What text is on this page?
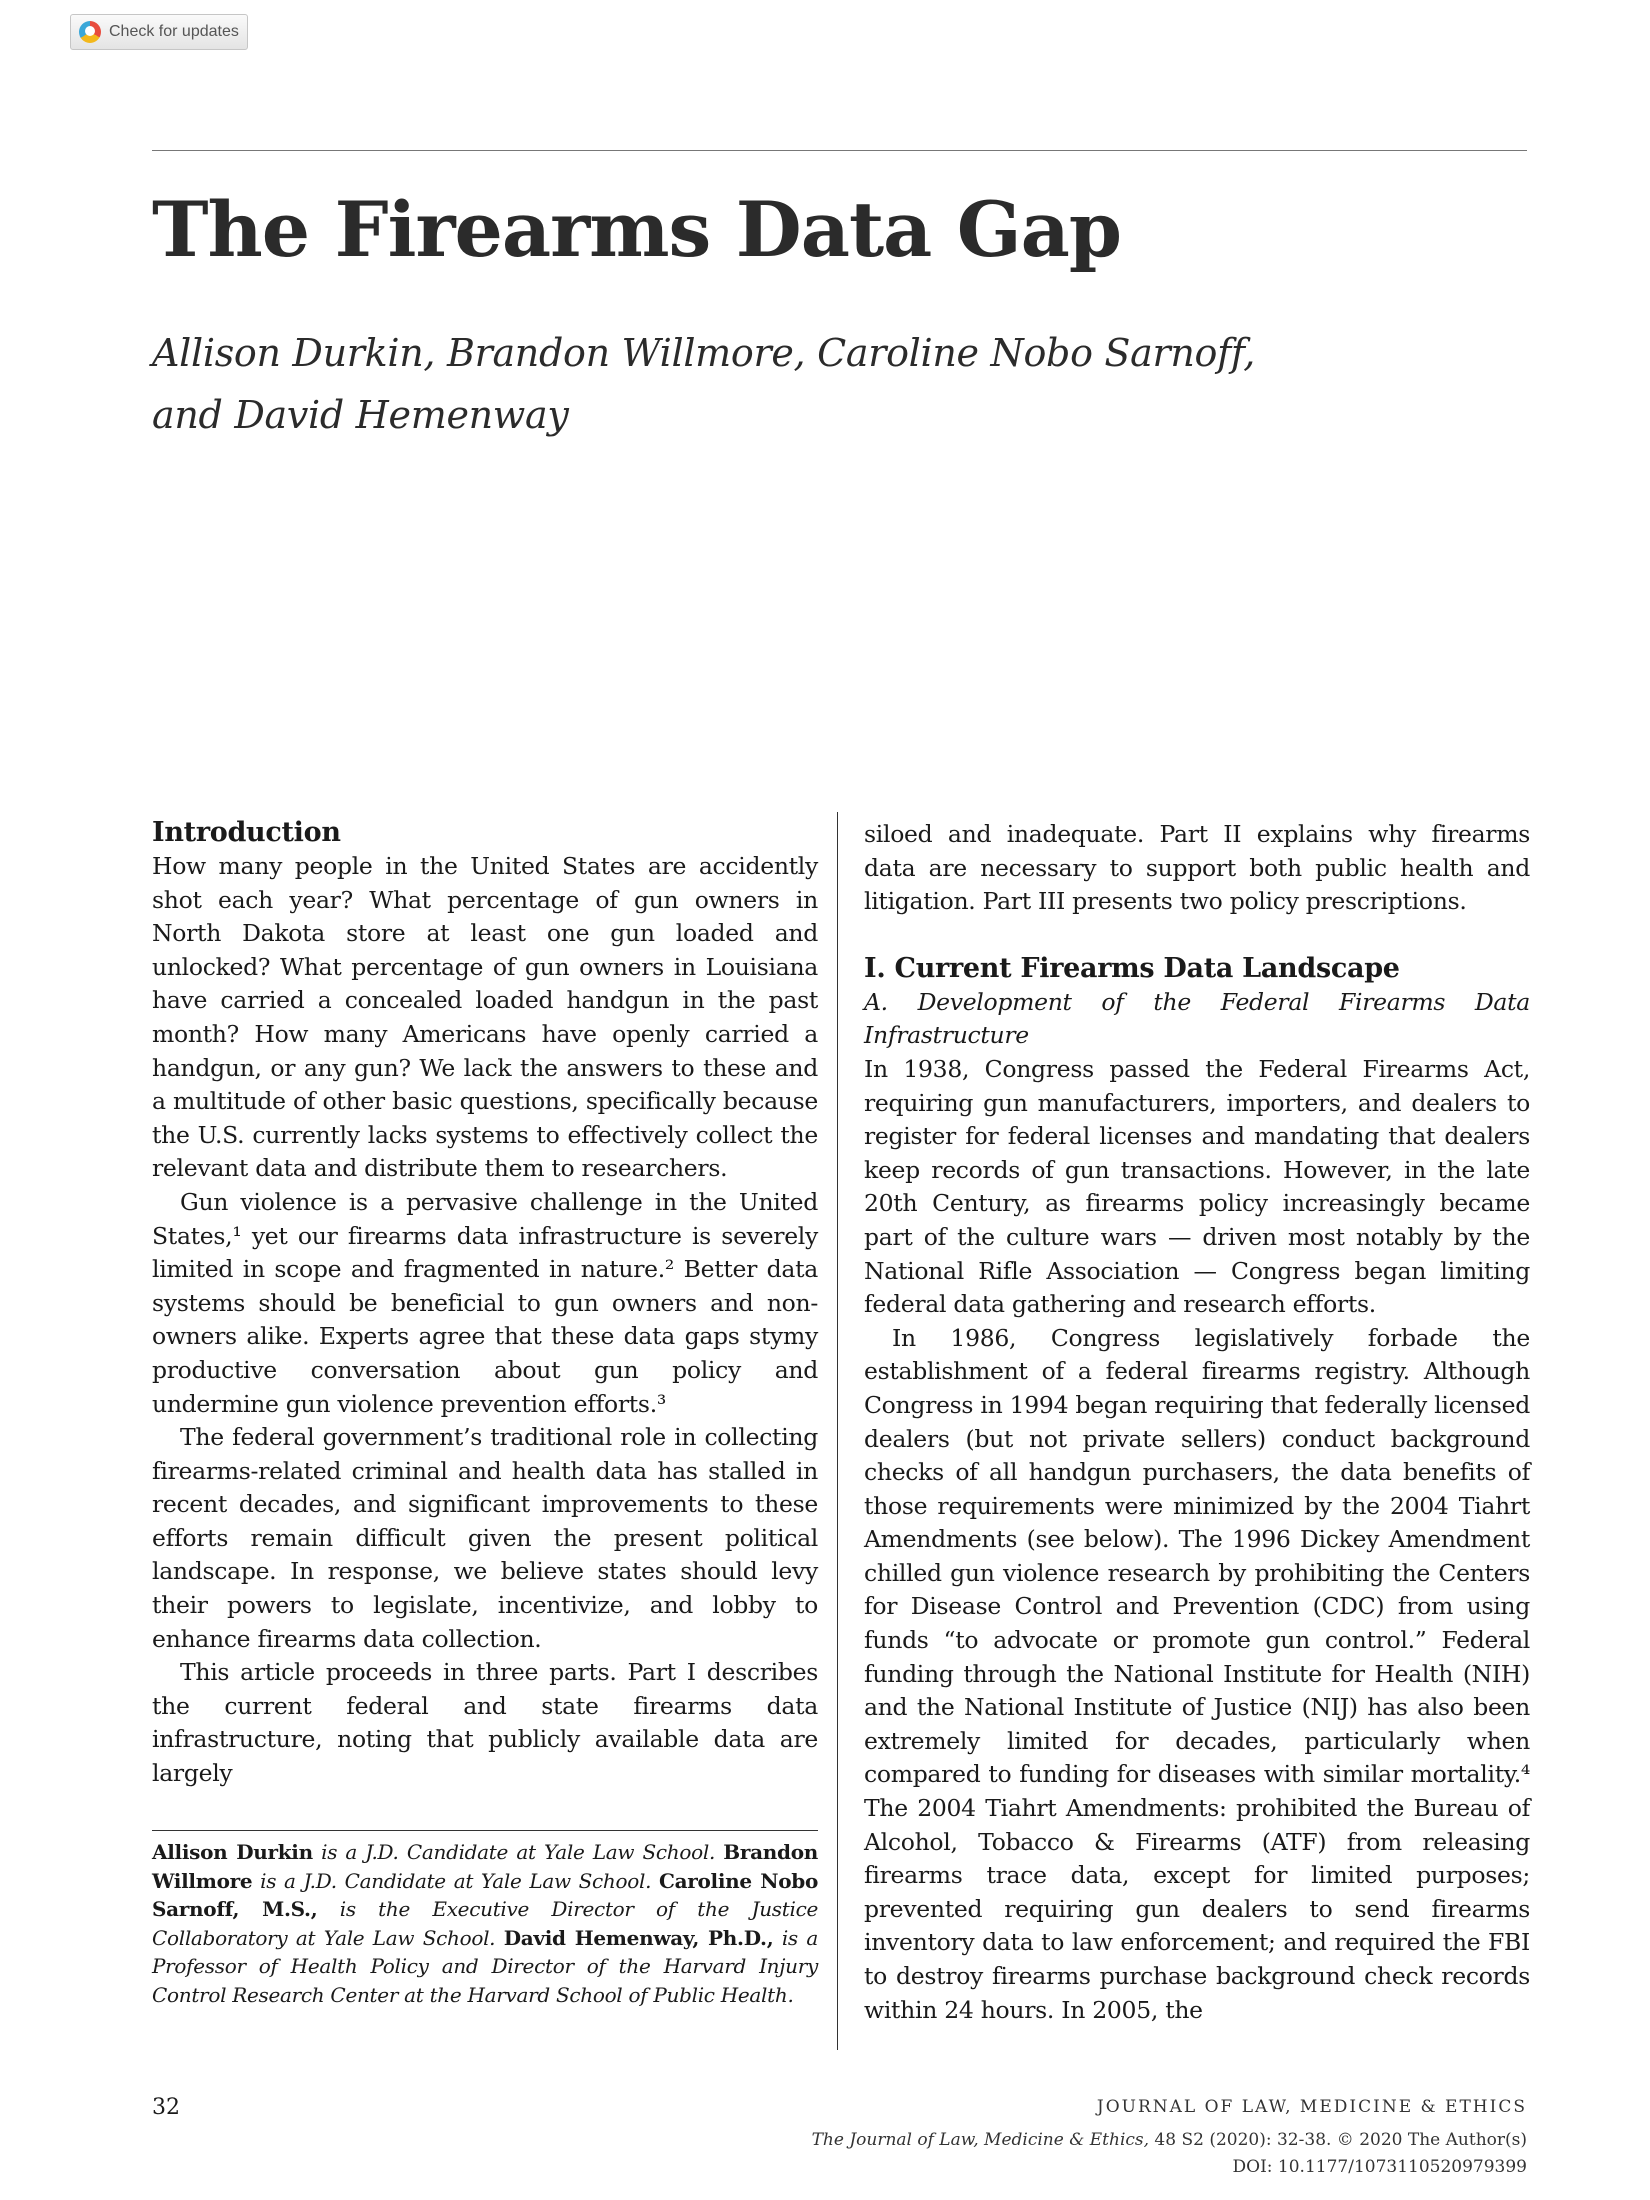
Check for updates
The Firearms Data Gap
Allison Durkin, Brandon Willmore, Caroline Nobo Sarnoff,
and David Hemenway
Introduction

How many people in the United States are accidently shot each year? What percentage of gun owners in North Dakota store at least one gun loaded and unlocked? What percentage of gun owners in Louisiana have carried a concealed loaded handgun in the past month? How many Americans have openly carried a handgun, or any gun? We lack the answers to these and a multitude of other basic questions, specifically because the U.S. currently lacks systems to effectively collect the relevant data and distribute them to researchers.

Gun violence is a pervasive challenge in the United States,¹ yet our firearms data infrastructure is severely limited in scope and fragmented in nature.² Better data systems should be beneficial to gun owners and non-owners alike. Experts agree that these data gaps stymy productive conversation about gun policy and undermine gun violence prevention efforts.³

The federal government’s traditional role in collecting firearms-related criminal and health data has stalled in recent decades, and significant improvements to these efforts remain difficult given the present political landscape. In response, we believe states should levy their powers to legislate, incentivize, and lobby to enhance firearms data collection.

This article proceeds in three parts. Part I describes the current federal and state firearms data infrastructure, noting that publicly available data are largely

Allison Durkin is a J.D. Candidate at Yale Law School. Brandon Willmore is a J.D. Candidate at Yale Law School. Caroline Nobo Sarnoff, M.S., is the Executive Director of the Justice Collaboratory at Yale Law School. David Hemenway, Ph.D., is a Professor of Health Policy and Director of the Harvard Injury Control Research Center at the Harvard School of Public Health.

siloed and inadequate. Part II explains why firearms data are necessary to support both public health and litigation. Part III presents two policy prescriptions.

I. Current Firearms Data Landscape
A. Development of the Federal Firearms Data Infrastructure

In 1938, Congress passed the Federal Firearms Act, requiring gun manufacturers, importers, and dealers to register for federal licenses and mandating that dealers keep records of gun transactions. However, in the late 20th Century, as firearms policy increasingly became part of the culture wars — driven most notably by the National Rifle Association — Congress began limiting federal data gathering and research efforts.

In 1986, Congress legislatively forbade the establishment of a federal firearms registry. Although Congress in 1994 began requiring that federally licensed dealers (but not private sellers) conduct background checks of all handgun purchasers, the data benefits of those requirements were minimized by the 2004 Tiahrt Amendments (see below). The 1996 Dickey Amendment chilled gun violence research by prohibiting the Centers for Disease Control and Prevention (CDC) from using funds “to advocate or promote gun control.” Federal funding through the National Institute for Health (NIH) and the National Institute of Justice (NIJ) has also been extremely limited for decades, particularly when compared to funding for diseases with similar mortality.⁴ The 2004 Tiahrt Amendments: prohibited the Bureau of Alcohol, Tobacco & Firearms (ATF) from releasing firearms trace data, except for limited purposes; prevented requiring gun dealers to send firearms inventory data to law enforcement; and required the FBI to destroy firearms purchase background check records within 24 hours. In 2005, the

32	JOURNAL OF LAW, MEDICINE & ETHICS
The Journal of Law, Medicine & Ethics, 48 S2 (2020): 32-38. © 2020 The Author(s)
DOI: 10.1177/1073110520979399
